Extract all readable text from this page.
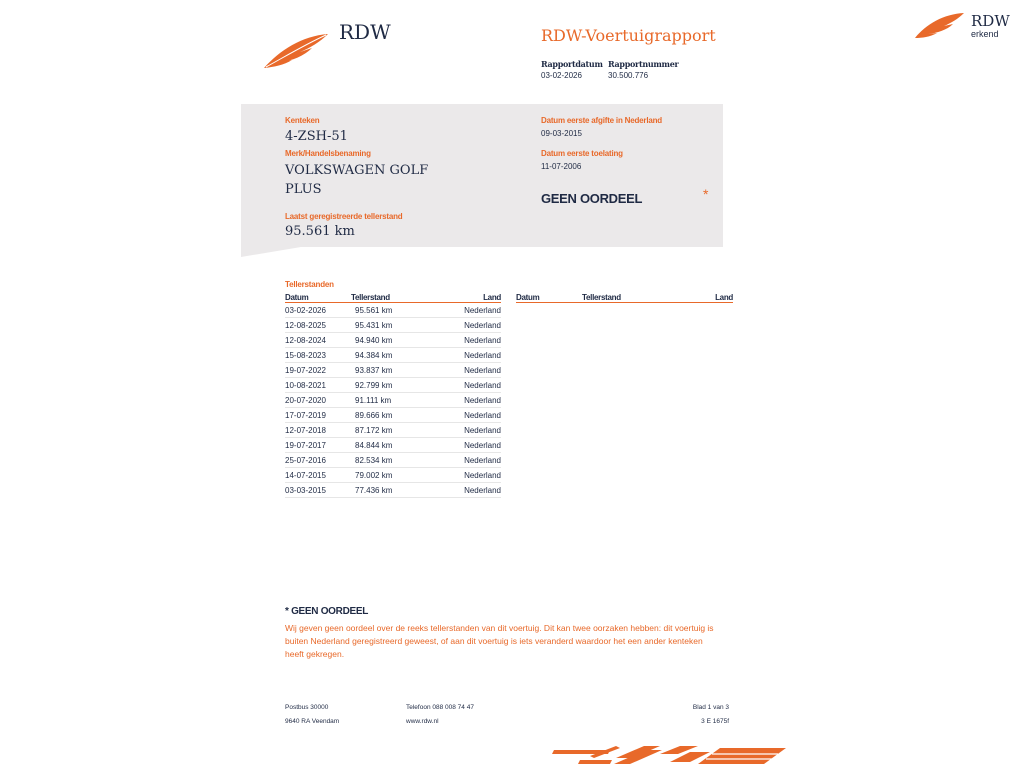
RDW	RDW-Voertuigrapport
RDW
erkend
Rapportdatum Rapportnummer
03-02-2026	30.500.776
Kenteken
4-ZSH-51
Merk/Handelsbenaming
VOLKSWAGEN GOLF
PLUS
Laatst geregistreerde tellerstand
95.561 km
Datum eerste afgifte in Nederland
09-03-2015
Datum eerste toelating
11-07-2006
GEEN OORDEEL	*
Tellerstanden
Datum	Tellerstand	Land
03-02-2026	95.561 km	Nederland
12-08-2025	95.431 km	Nederland
12-08-2024	94.940 km	Nederland
15-08-2023	94.384 km	Nederland
19-07-2022	93.837 km	Nederland
10-08-2021	92.799 km	Nederland
20-07-2020	91.111 km	Nederland
17-07-2019	89.666 km	Nederland
12-07-2018	87.172 km	Nederland
19-07-2017	84.844 km	Nederland
25-07-2016	82.534 km	Nederland
14-07-2015	79.002 km	Nederland
03-03-2015	77.436 km	Nederland
Datum	Tellerstand	Land
* GEEN OORDEEL
Wij geven geen oordeel over de reeks tellerstanden van dit voertuig. Dit kan twee oorzaken hebben: dit voertuig is buiten Nederland geregistreerd geweest, of aan dit voertuig is iets veranderd waardoor het een ander kenteken heeft gekregen.
Postbus 30000
9640 RA Veendam
Telefoon 088 008 74 47
www.rdw.nl
Blad 1 van 3
3 E 1675f
